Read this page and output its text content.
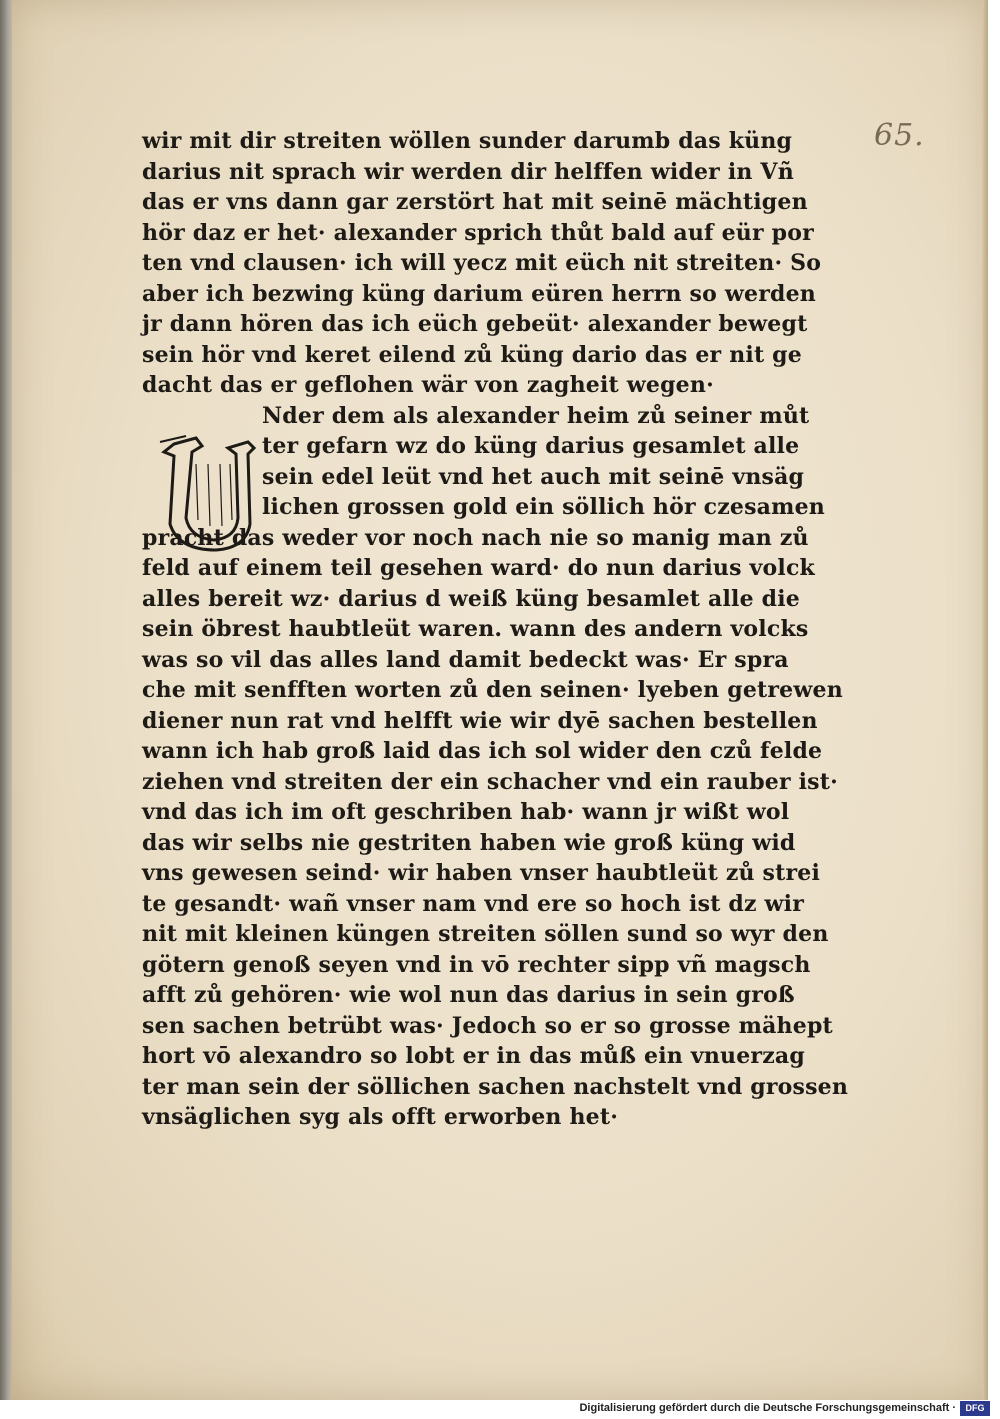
65.
wir mit dir streiten wöllen sunder darumb das küng
darius nit sprach wir werden dir helffen wider in Vñ
das er vns dann gar zerstört hat mit seinē mächtigen
hör daz er het· alexander sprich thůt bald auf eür por
ten vnd clausen· ich will yecz mit eüch nit streiten· So
aber ich bezwing küng darium eüren herrn so werden
jr dann hören das ich eüch gebeüt· alexander bewegt
sein hör vnd keret eilend zů küng dario das er nit ge
dacht das er geflohen wär von zagheit wegen·
Nder dem als alexander heim zů seiner můt
ter gefarn wz do küng darius gesamlet alle
sein edel leüt vnd het auch mit seinē vnsäg
lichen grossen gold ein söllich hör czesamen
pracht das weder vor noch nach nie so manig man zů
feld auf einem teil gesehen ward· do nun darius volck
alles bereit wz· darius d weiß küng besamlet alle die
sein öbrest haubtleüt waren. wann des andern volcks
was so vil das alles land damit bedeckt was· Er spra
che mit senfften worten zů den seinen· lyeben getrewen
diener nun rat vnd helfft wie wir dyē sachen bestellen
wann ich hab groß laid das ich sol wider den czů felde
ziehen vnd streiten der ein schacher vnd ein rauber ist·
vnd das ich im oft geschriben hab· wann jr wißt wol
das wir selbs nie gestriten haben wie groß küng wid
vns gewesen seind· wir haben vnser haubtleüt zů strei
te gesandt· wañ vnser nam vnd ere so hoch ist dz wir
nit mit kleinen küngen streiten söllen sund so wyr den
götern genoß seyen vnd in vō rechter sipp vñ magsch
afft zů gehören· wie wol nun das darius in sein groß
sen sachen betrübt was· Jedoch so er so grosse mähept
hort vō alexandro so lobt er in das můß ein vnuerzag
ter man sein der söllichen sachen nachstelt vnd grossen
vnsäglichen syg als offt erworben het·
Digitalisierung gefördert durch die Deutsche Forschungsgemeinschaft ·	DFG
